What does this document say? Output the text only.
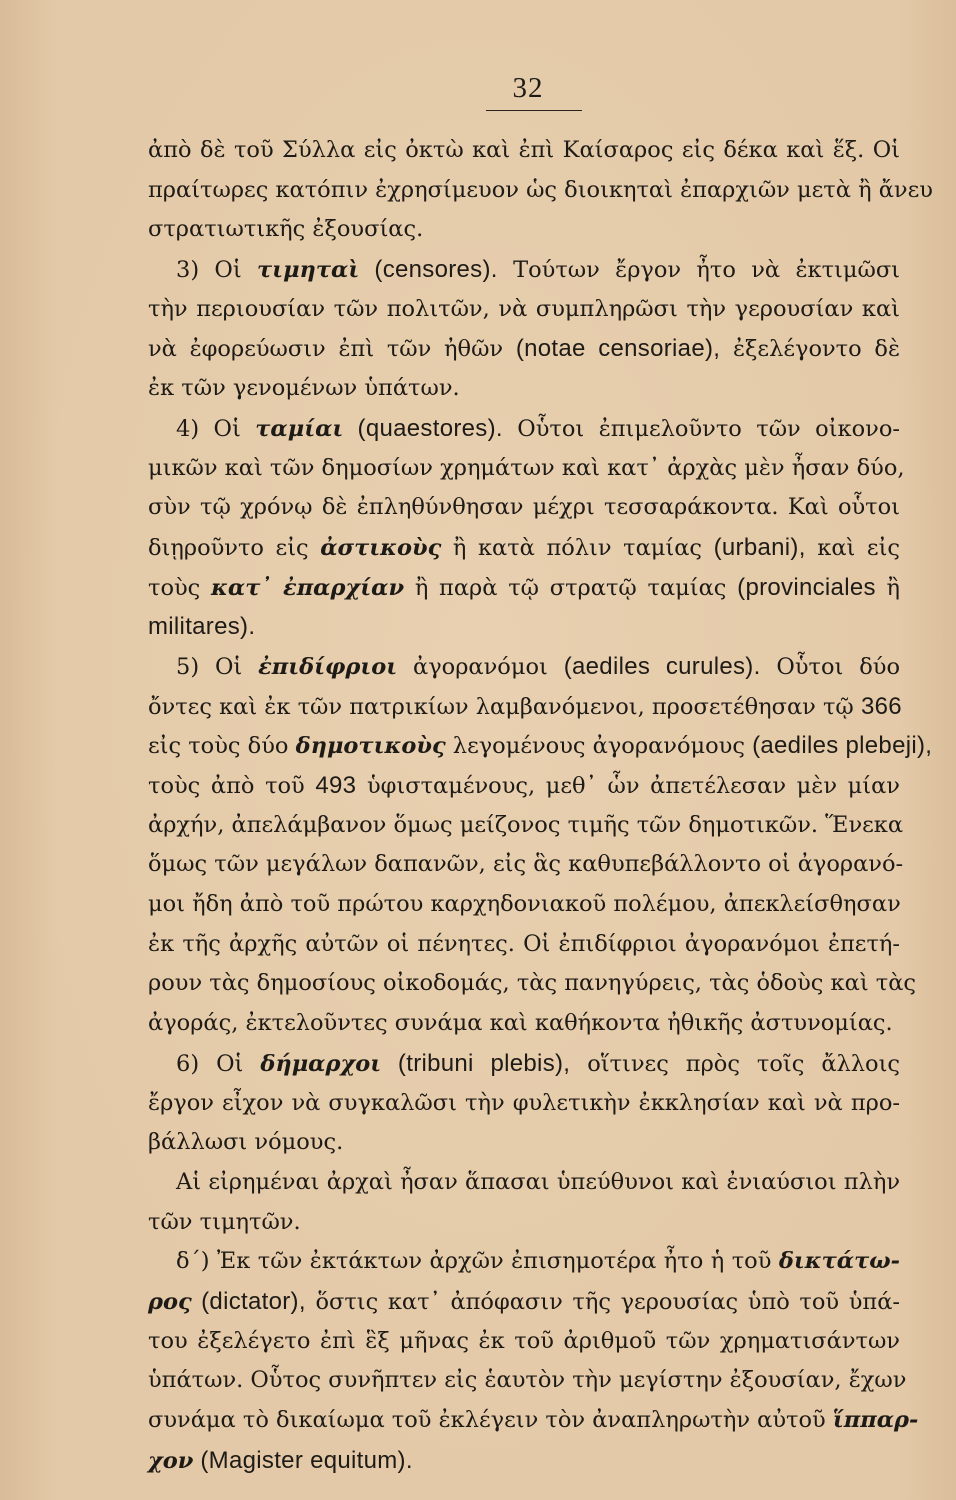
32
ἀπὸ δὲ τοῦ Σύλλα εἰς ὀκτὼ καὶ ἐπὶ Καίσαρος εἰς δέκα καὶ ἕξ. Οἱ
πραίτωρες κατόπιν ἐχρησίμευον ὡς διοικηταὶ ἐπαρχιῶν μετὰ ἢ ἄνευ
στρατιωτικῆς ἐξουσίας.
3) Οἱ τιμηταὶ (censores). Τούτων ἔργον ἦτο νὰ ἐκτιμῶσι
τὴν περιουσίαν τῶν πολιτῶν, νὰ συμπληρῶσι τὴν γερουσίαν καὶ
νὰ ἐφορεύωσιν ἐπὶ τῶν ἠθῶν (notae censoriae), ἐξελέγοντο δὲ
ἐκ τῶν γενομένων ὑπάτων.
4) Οἱ ταμίαι (quaestores). Οὗτοι ἐπιμελοῦντο τῶν οἰκονο-
μικῶν καὶ τῶν δημοσίων χρημάτων καὶ κατ᾽ ἀρχὰς μὲν ἦσαν δύο,
σὺν τῷ χρόνῳ δὲ ἐπληθύνθησαν μέχρι τεσσαράκοντα. Καὶ οὗτοι
διῃροῦντο εἰς ἀστικοὺς ἢ κατὰ πόλιν ταμίας (urbani), καὶ εἰς
τοὺς κατ᾽ ἐπαρχίαν ἢ παρὰ τῷ στρατῷ ταμίας (provinciales ἢ
militares).
5) Οἱ ἐπιδίφριοι ἀγορανόμοι (aediles curules). Οὗτοι δύο
ὄντες καὶ ἐκ τῶν πατρικίων λαμβανόμενοι, προσετέθησαν τῷ 366
εἰς τοὺς δύο δημοτικοὺς λεγομένους ἀγορανόμους (aediles plebeji),
τοὺς ἀπὸ τοῦ 493 ὑφισταμένους, μεθ᾽ ὧν ἀπετέλεσαν μὲν μίαν
ἀρχήν, ἀπελάμβανον ὅμως μείζονος τιμῆς τῶν δημοτικῶν. Ἕνεκα
ὅμως τῶν μεγάλων δαπανῶν, εἰς ἃς καθυπεβάλλοντο οἱ ἀγορανό-
μοι ἤδη ἀπὸ τοῦ πρώτου καρχηδονιακοῦ πολέμου, ἀπεκλείσθησαν
ἐκ τῆς ἀρχῆς αὐτῶν οἱ πένητες. Οἱ ἐπιδίφριοι ἀγορανόμοι ἐπετή-
ρουν τὰς δημοσίους οἰκοδομάς, τὰς πανηγύρεις, τὰς ὁδοὺς καὶ τὰς
ἀγοράς, ἐκτελοῦντες συνάμα καὶ καθήκοντα ἠθικῆς ἀστυνομίας.
6) Οἱ δήμαρχοι (tribuni plebis), οἵτινες πρὸς τοῖς ἄλλοις
ἔργον εἶχον νὰ συγκαλῶσι τὴν φυλετικὴν ἐκκλησίαν καὶ νὰ προ-
βάλλωσι νόμους.
Αἱ εἰρημέναι ἀρχαὶ ἦσαν ἅπασαι ὑπεύθυνοι καὶ ἐνιαύσιοι πλὴν
τῶν τιμητῶν.
δ´) Ἐκ τῶν ἐκτάκτων ἀρχῶν ἐπισημοτέρα ἦτο ἡ τοῦ δικτάτω-
ρος (dictator), ὅστις κατ᾽ ἀπόφασιν τῆς γερουσίας ὑπὸ τοῦ ὑπά-
του ἐξελέγετο ἐπὶ ἓξ μῆνας ἐκ τοῦ ἀριθμοῦ τῶν χρηματισάντων
ὑπάτων. Οὗτος συνῆπτεν εἰς ἑαυτὸν τὴν μεγίστην ἐξουσίαν, ἔχων
συνάμα τὸ δικαίωμα τοῦ ἐκλέγειν τὸν ἀναπληρωτὴν αὐτοῦ ἵππαρ-
χον (Magister equitum).
